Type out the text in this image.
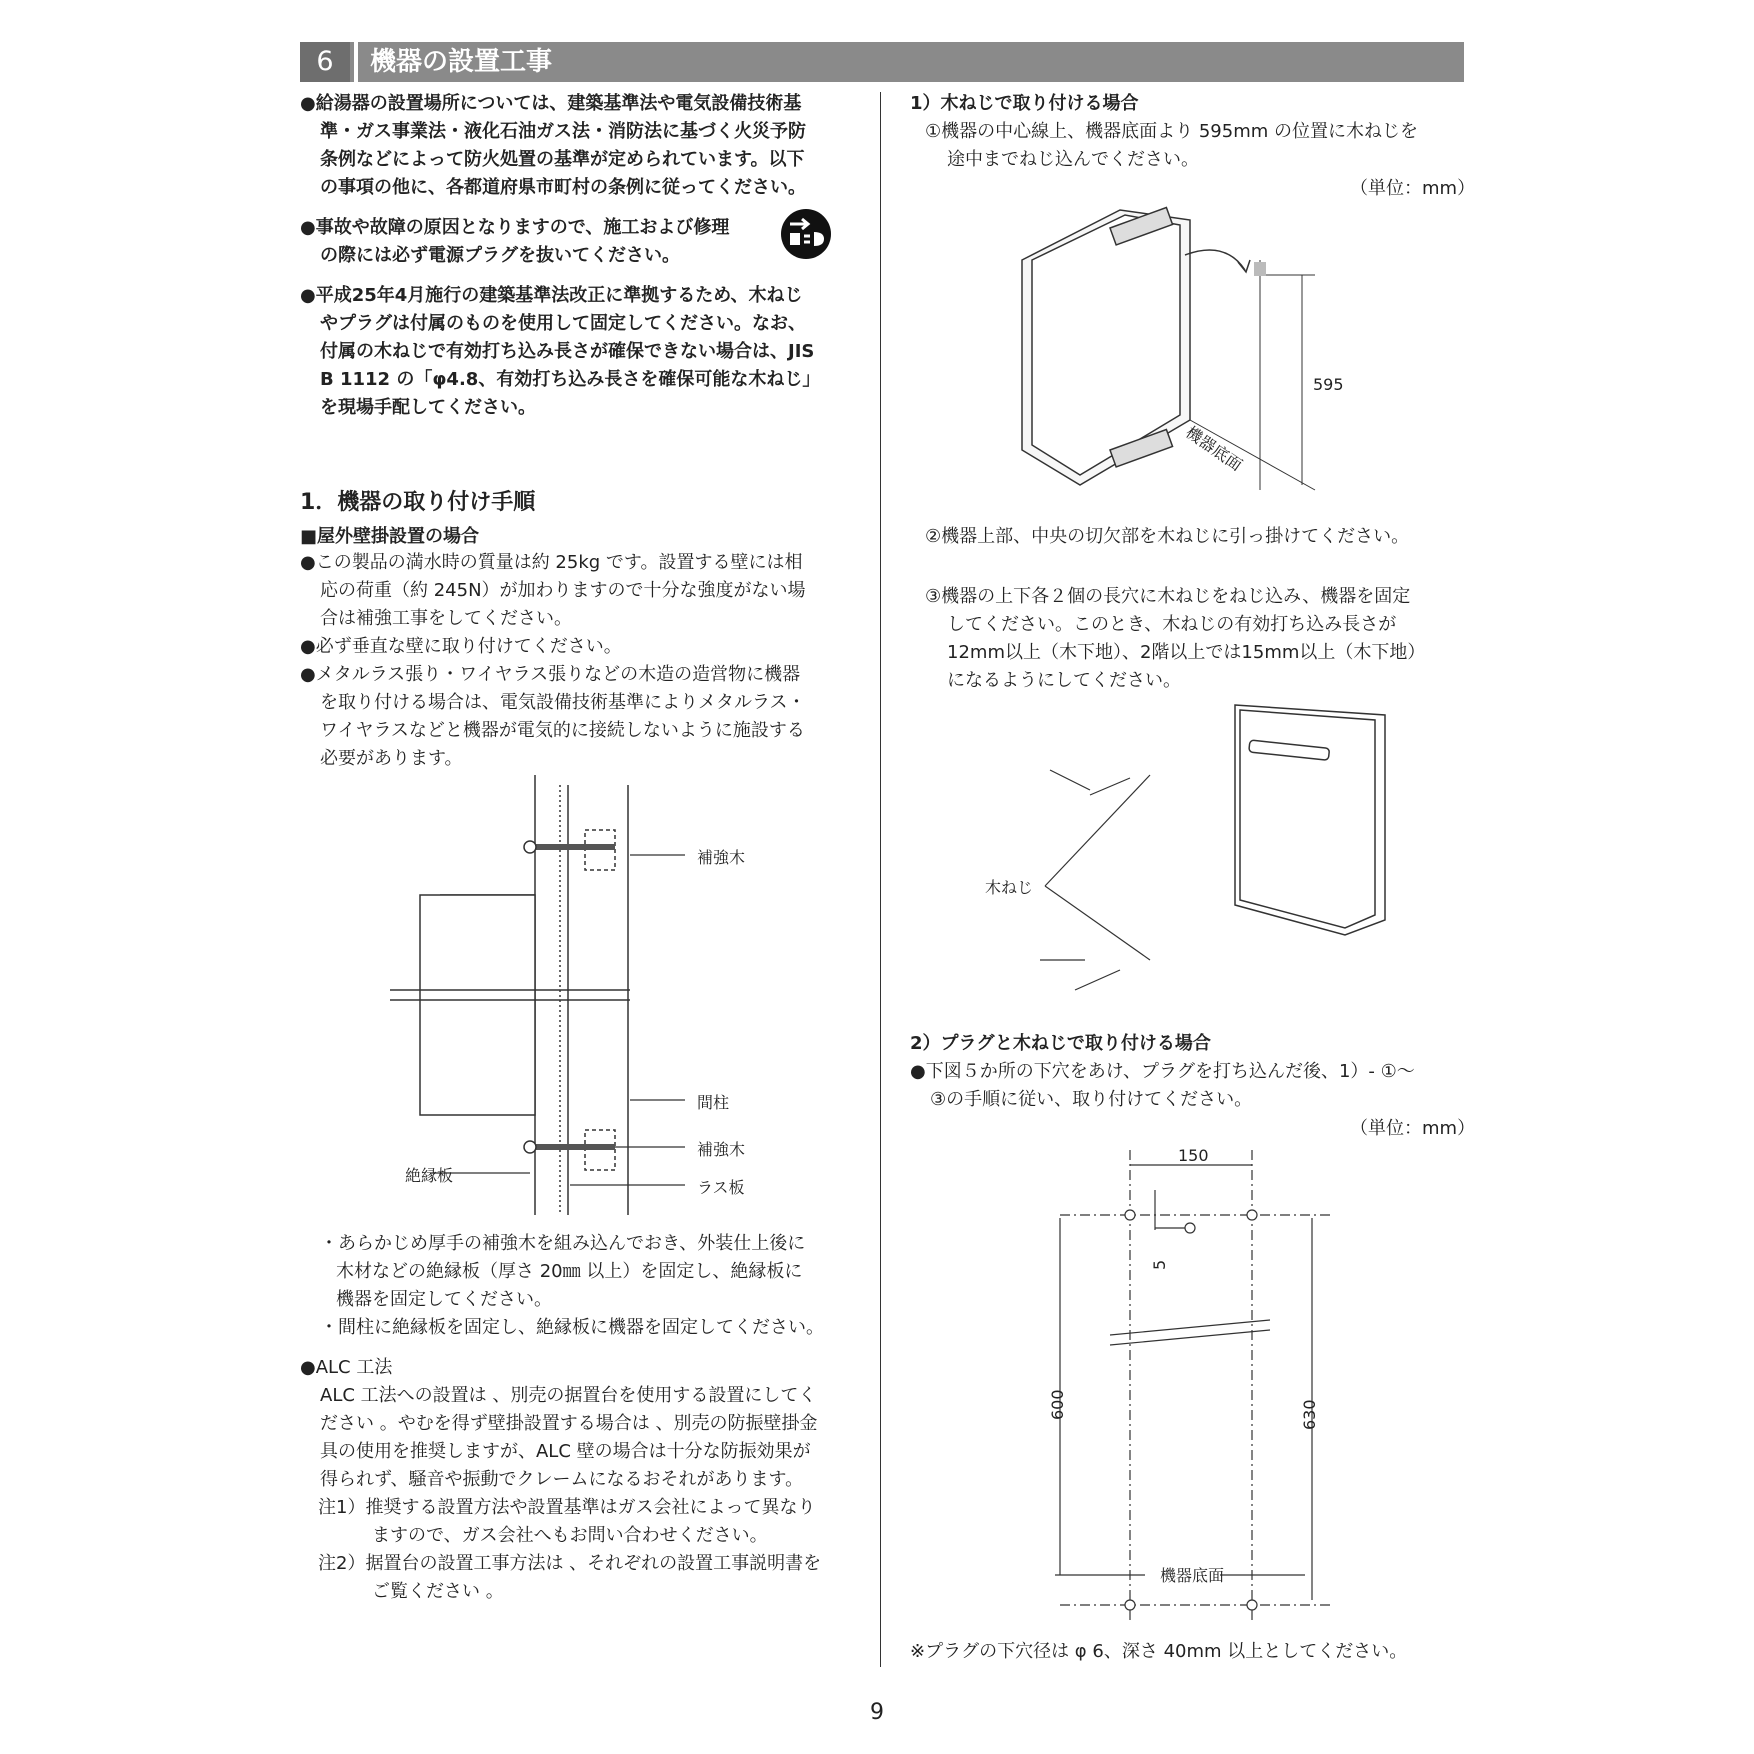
6	機器の設置工事
●給湯器の設置場所については、建築基準法や電気設備技術基
準・ガス事業法・液化石油ガス法・消防法に基づく火災予防
条例などによって防火処置の基準が定められています。以下
の事項の他に、各都道府県市町村の条例に従ってください。
●事故や故障の原因となりますので、施工および修理
の際には必ず電源プラグを抜いてください。
●平成25年4月施行の建築基準法改正に準拠するため、木ねじ
やプラグは付属のものを使用して固定してください。なお、
付属の木ねじで有効打ち込み長さが確保できない場合は、JIS
B 1112 の「φ4.8、有効打ち込み長さを確保可能な木ねじ」
を現場手配してください。
1．機器の取り付け手順
■屋外壁掛設置の場合
●この製品の満水時の質量は約 25kg です。設置する壁には相
応の荷重（約 245N）が加わりますので十分な強度がない場
合は補強工事をしてください。
●必ず垂直な壁に取り付けてください。
●メタルラス張り・ワイヤラス張りなどの木造の造営物に機器
を取り付ける場合は、電気設備技術基準によりメタルラス・
ワイヤラスなどと機器が電気的に接続しないように施設する
必要があります。
補強木
間柱
補強木
絶縁板
ラス板
・あらかじめ厚手の補強木を組み込んでおき、外装仕上後に
木材などの絶縁板（厚さ 20㎜ 以上）を固定し、絶縁板に
機器を固定してください。
・間柱に絶縁板を固定し、絶縁板に機器を固定してください。
●ALC 工法
ALC 工法への設置は 、別売の据置台を使用する設置にしてく
ださい 。やむを得ず壁掛設置する場合は 、別売の防振壁掛金
具の使用を推奨しますが、ALC 壁の場合は十分な防振効果が
得られず、騒音や振動でクレームになるおそれがあります。
注1）推奨する設置方法や設置基準はガス会社によって異なり
ますので、ガス会社へもお問い合わせください。
注2）据置台の設置工事方法は 、それぞれの設置工事説明書を
ご覧ください 。
1）木ねじで取り付ける場合
①機器の中心線上、機器底面より 595mm の位置に木ねじを
途中までねじ込んでください。
（単位：mm）
595
機器底面
②機器上部、中央の切欠部を木ねじに引っ掛けてください。
③機器の上下各２個の長穴に木ねじをねじ込み、機器を固定
してください。このとき、木ねじの有効打ち込み長さが
12mm以上（木下地）、2階以上では15mm以上（木下地）
になるようにしてください。
木ねじ
2）プラグと木ねじで取り付ける場合
●下図５か所の下穴をあけ、プラグを打ち込んだ後、1）- ①～
③の手順に従い、取り付けてください。
（単位：mm）
150
5
600	630
機器底面
※プラグの下穴径は φ 6、深さ 40mm 以上としてください。
9
